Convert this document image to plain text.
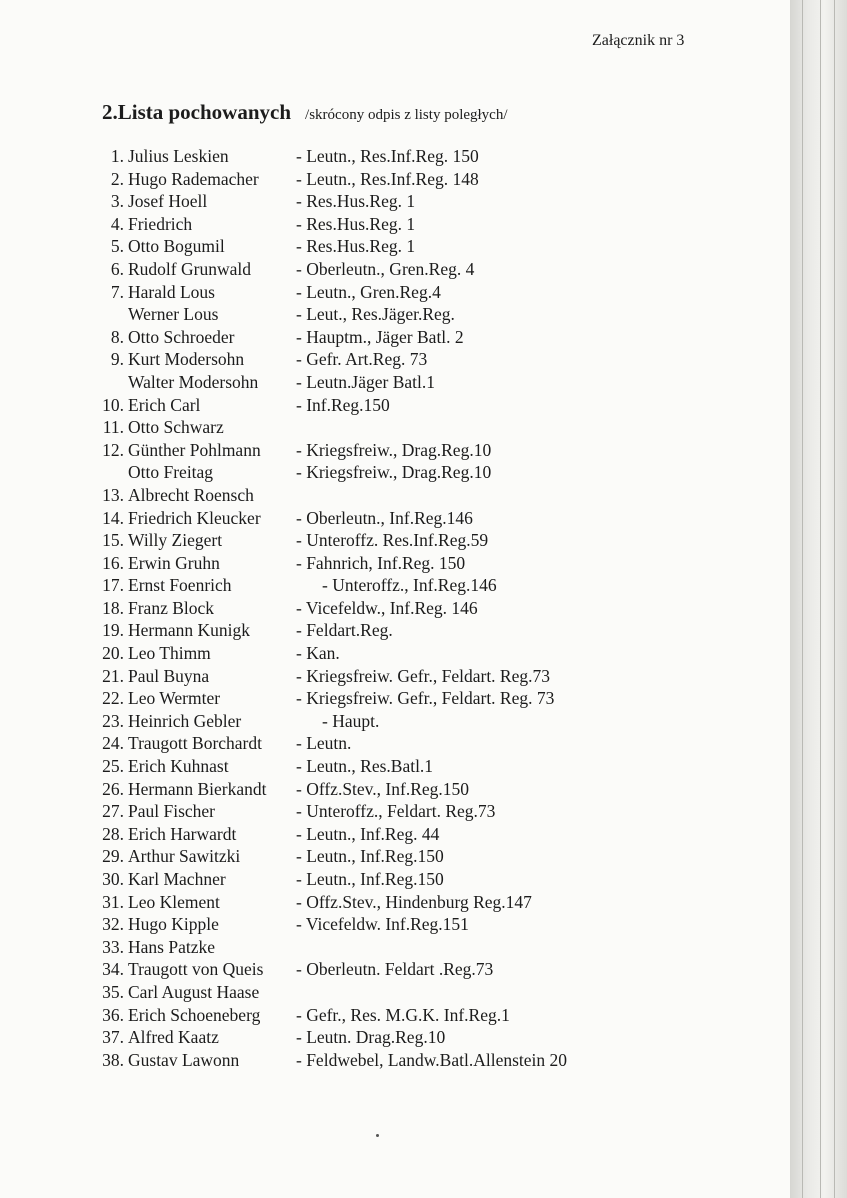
Załącznik nr 3
2.Lista pochowanych /skrócony odpis z listy poległych/
1. Julius Leskien	- Leutn., Res.Inf.Reg. 150
2. Hugo Rademacher	- Leutn., Res.Inf.Reg. 148
3. Josef Hoell	- Res.Hus.Reg. 1
4. Friedrich	- Res.Hus.Reg. 1
5. Otto Bogumil	- Res.Hus.Reg. 1
6. Rudolf Grunwald	- Oberleutn., Gren.Reg. 4
7. Harald Lous	- Leutn., Gren.Reg.4
Werner Lous	- Leut., Res.Jäger.Reg.
8. Otto Schroeder	- Hauptm., Jäger Batl. 2
9. Kurt Modersohn	- Gefr. Art.Reg. 73
Walter Modersohn	- Leutn.Jäger Batl.1
10. Erich Carl	- Inf.Reg.150
11. Otto Schwarz
12. Günther Pohlmann	- Kriegsfreiw., Drag.Reg.10
Otto Freitag	- Kriegsfreiw., Drag.Reg.10
13. Albrecht Roensch
14. Friedrich Kleucker	- Oberleutn., Inf.Reg.146
15. Willy Ziegert	- Unteroffz. Res.Inf.Reg.59
16. Erwin Gruhn	- Fahnrich, Inf.Reg. 150
17. Ernst Foenrich	- Unteroffz., Inf.Reg.146
18. Franz Block	- Vicefeldw., Inf.Reg. 146
19. Hermann Kunigk	- Feldart.Reg.
20. Leo Thimm	- Kan.
21. Paul Buyna	- Kriegsfreiw. Gefr., Feldart. Reg.73
22. Leo Wermter	- Kriegsfreiw. Gefr., Feldart. Reg. 73
23. Heinrich Gebler	- Haupt.
24. Traugott Borchardt	- Leutn.
25. Erich Kuhnast	- Leutn., Res.Batl.1
26. Hermann Bierkandt	- Offz.Stev., Inf.Reg.150
27. Paul Fischer	- Unteroffz., Feldart. Reg.73
28. Erich Harwardt	- Leutn., Inf.Reg. 44
29. Arthur Sawitzki	- Leutn., Inf.Reg.150
30. Karl Machner	- Leutn., Inf.Reg.150
31. Leo Klement	- Offz.Stev., Hindenburg Reg.147
32. Hugo Kipple	- Vicefeldw. Inf.Reg.151
33. Hans Patzke
34. Traugott von Queis	- Oberleutn. Feldart .Reg.73
35. Carl August Haase
36. Erich Schoeneberg	- Gefr., Res. M.G.K. Inf.Reg.1
37. Alfred Kaatz	- Leutn. Drag.Reg.10
38. Gustav Lawonn	- Feldwebel, Landw.Batl.Allenstein 20
